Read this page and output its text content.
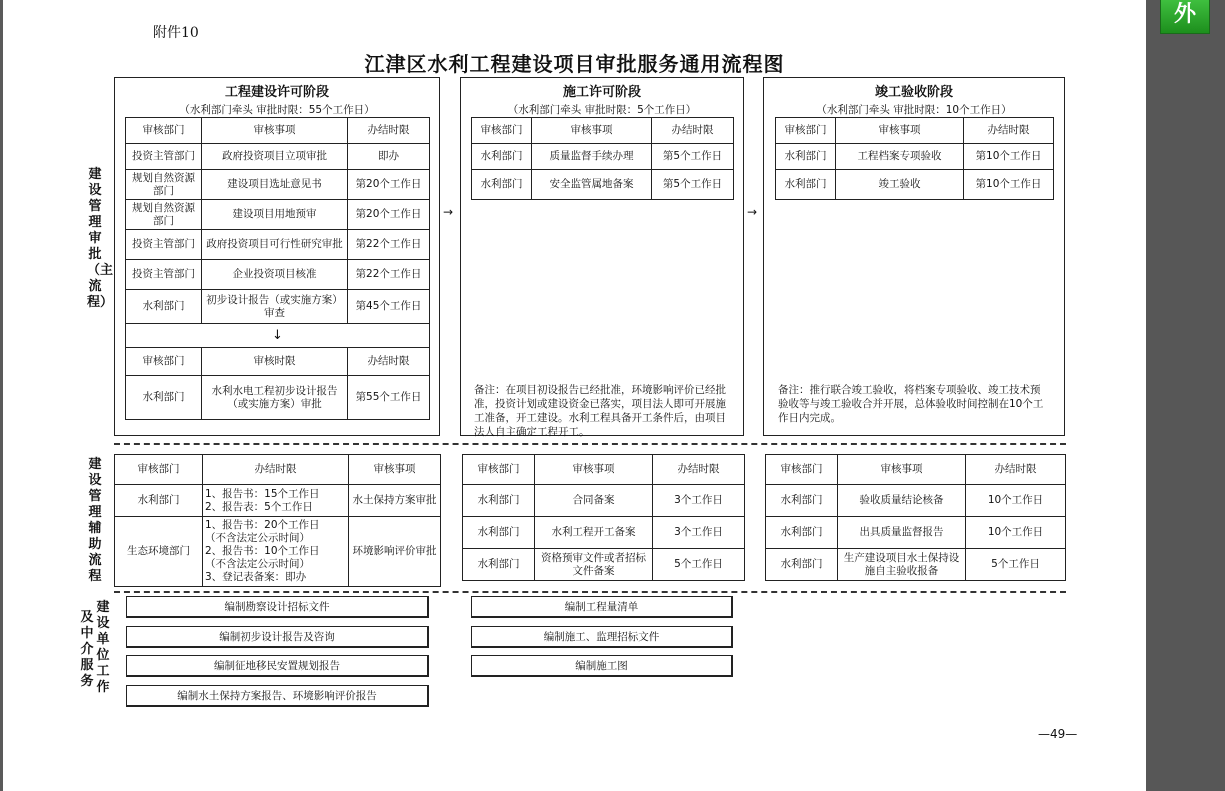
附件10
江津区水利工程建设项目审批服务通用流程图
建设管理审批（主流程）
建设管理辅助流程
建设单位工作
及中介服务
工程建设许可阶段
（水利部门牵头 审批时限：55个工作日）
审核部门	审核事项	办结时限
投资主管部门	政府投资项目立项审批	即办
规划自然资源部门	建设项目选址意见书	第20个工作日
规划自然资源部门	建设项目用地预审	第20个工作日
投资主管部门	政府投资项目可行性研究审批	第22个工作日
投资主管部门	企业投资项目核准	第22个工作日
水利部门	初步设计报告（或实施方案）审查	第45个工作日
↓		
审核部门	审核时限	办结时限
水利部门	水利水电工程初步设计报告（或实施方案）审批	第55个工作日
→
施工许可阶段
（水利部门牵头 审批时限：5个工作日）
备注：在项目初设报告已经批准，环境影响评价已经批准，投资计划或建设资金已落实，项目法人即可开展施工准备，开工建设。水利工程具备开工条件后，由项目法人自主确定工程开工。
审核部门	审核事项	办结时限
水利部门	质量监督手续办理	第5个工作日
水利部门	安全监管属地备案	第5个工作日
→
竣工验收阶段
（水利部门牵头 审批时限：10个工作日）
备注：推行联合竣工验收，将档案专项验收、竣工技术预验收等与竣工验收合并开展，总体验收时间控制在10个工作日内完成。
审核部门	审核事项	办结时限
水利部门	工程档案专项验收	第10个工作日
水利部门	竣工验收	第10个工作日
审核部门	办结时限	审核事项
水利部门	1、报告书：15个工作日
2、报告表：5个工作日	水土保持方案审批
生态环境部门	1、报告书：20个工作日
（不含法定公示时间）
2、报告书：10个工作日
（不含法定公示时间）
3、登记表备案：即办	环境影响评价审批
审核部门	审核事项	办结时限
水利部门	合同备案	3个工作日
水利部门	水利工程开工备案	3个工作日
水利部门	资格预审文件或者招标文件备案	5个工作日
审核部门	审核事项	办结时限
水利部门	验收质量结论核备	10个工作日
水利部门	出具质量监督报告	10个工作日
水利部门	生产建设项目水土保持设施自主验收报备	5个工作日
编制勘察设计招标文件
编制初步设计报告及咨询
编制征地移民安置规划报告
编制水土保持方案报告、环境影响评价报告
编制工程量清单
编制施工、监理招标文件
编制施工图
—49—
外
